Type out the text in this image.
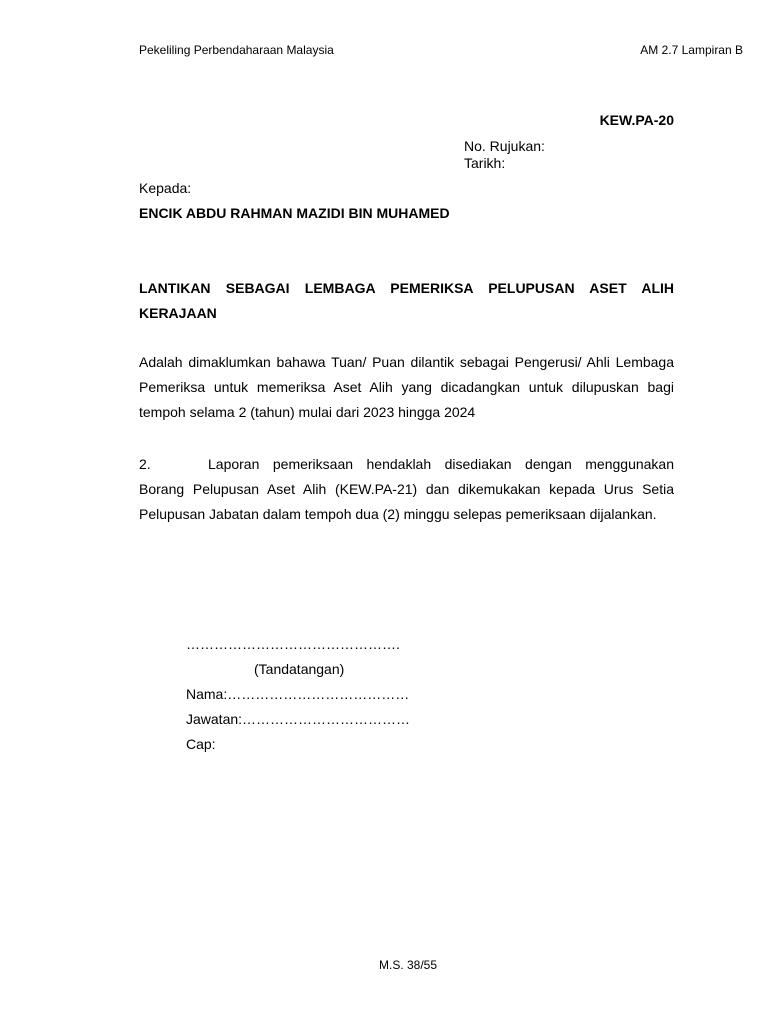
Pekeliling Perbendaharaan Malaysia	AM 2.7 Lampiran B
KEW.PA-20
No. Rujukan:
Tarikh:
Kepada:
ENCIK ABDU RAHMAN MAZIDI BIN MUHAMED
LANTIKAN SEBAGAI LEMBAGA PEMERIKSA PELUPUSAN ASET ALIH KERAJAAN
Adalah dimaklumkan bahawa Tuan/ Puan dilantik sebagai Pengerusi/ Ahli Lembaga Pemeriksa untuk memeriksa Aset Alih yang dicadangkan untuk dilupuskan bagi tempoh selama 2 (tahun) mulai dari 2023 hingga 2024
2.	Laporan pemeriksaan hendaklah disediakan dengan menggunakan Borang Pelupusan Aset Alih (KEW.PA-21) dan dikemukakan kepada Urus Setia Pelupusan Jabatan dalam tempoh dua (2) minggu selepas pemeriksaan dijalankan.
……………………………………….
(Tandatangan)
Nama:…………………………………
Jawatan:………………………………
Cap:
M.S. 38/55
